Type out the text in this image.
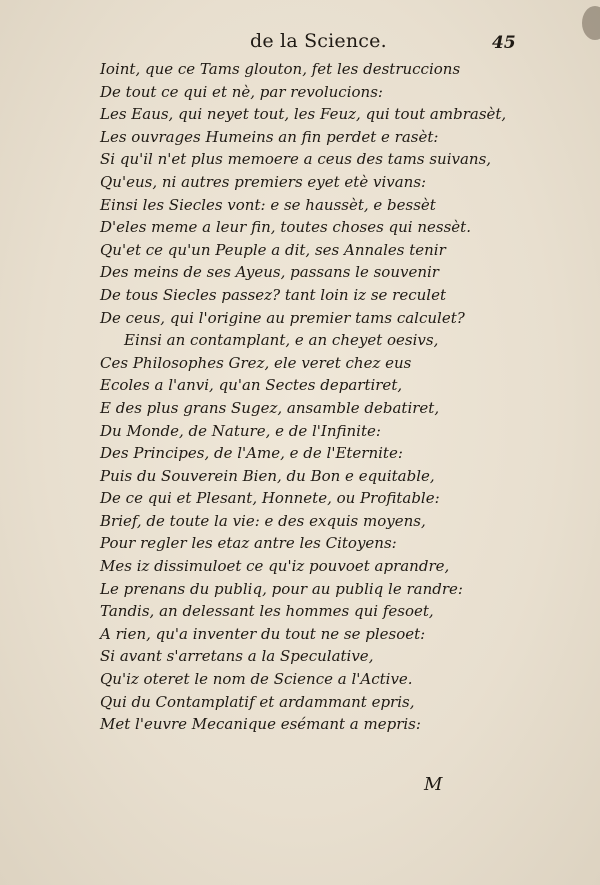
de la Science.	45
Ioint, que ce Tams glouton, fet les destruccions
De tout ce qui et nè, par revolucions:
Les Eaus, qui neyet tout, les Feuz, qui tout ambrasèt,
Les ouvrages Humeins an fin perdet e rasèt:
Si qu'il n'et plus memoere a ceus des tams suivans,
Qu'eus, ni autres premiers eyet etè vivans:
Einsi les Siecles vont: e se haussèt, e bessèt
D'eles meme a leur fin, toutes choses qui nessèt.
Qu'et ce qu'un Peuple a dit, ses Annales tenir
Des meins de ses Ayeus, passans le souvenir
De tous Siecles passez? tant loin iz se reculet
De ceus, qui l'origine au premier tams calculet?
Einsi an contamplant, e an cheyet oesivs,
Ces Philosophes Grez, ele veret chez eus
Ecoles a l'anvi, qu'an Sectes departiret,
E des plus grans Sugez, ansamble debatiret,
Du Monde, de Nature, e de l'Infinite:
Des Principes, de l'Ame, e de l'Eternite:
Puis du Souverein Bien, du Bon e equitable,
De ce qui et Plesant, Honnete, ou Profitable:
Brief, de toute la vie: e des exquis moyens,
Pour regler les etaz antre les Citoyens:
Mes iz dissimuloet ce qu'iz pouvoet aprandre,
Le prenans du publiq, pour au publiq le randre:
Tandis, an delessant les hommes qui fesoet,
A rien, qu'a inventer du tout ne se plesoet:
Si avant s'arretans a la Speculative,
Qu'iz oteret le nom de Science a l'Active.
Qui du Contamplatif et ardammant epris,
Met l'euvre Mecanique esémant a mepris:
M
